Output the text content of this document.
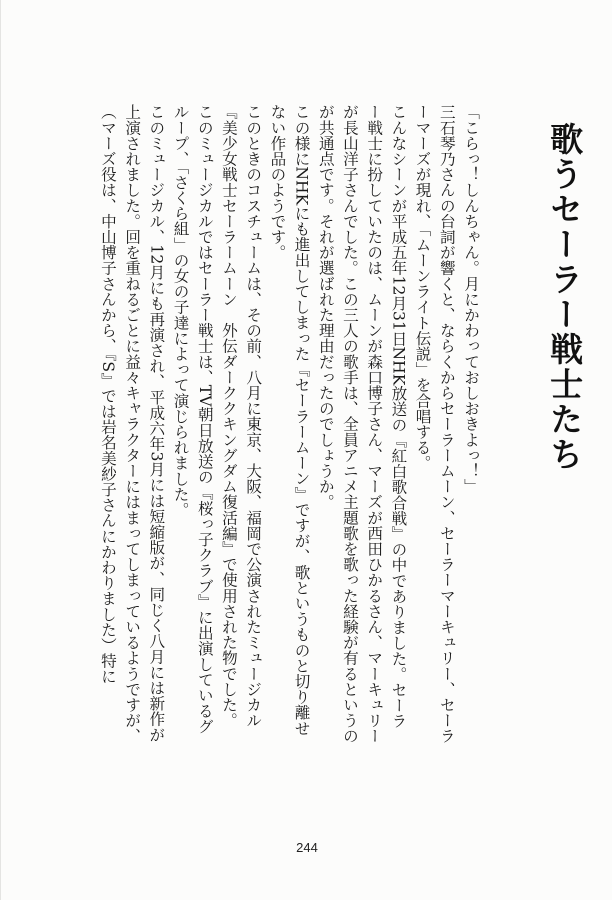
歌うセーラー戦士たち

「こらっ！しんちゃん。月にかわっておしおきよっ！」

三石琴乃さんの台詞が響くと、ならくからセーラームーン、セーラーマーキュリー、セーラーマーズが現れ、「ムーンライト伝説」を合唱する。

こんなシーンが平成五年12月31日NHK放送の『紅白歌合戦』の中でありました。セーラー戦士に扮していたのは、ムーンが森口博子さん、マーズが西田ひかるさん、マーキュリーが長山洋子さんでした。この三人の歌手は、全員アニメ主題歌を歌った経験が有るというのが共通点です。それが選ばれた理由だったのでしょうか。

この様にNHKにも進出してしまった『セーラームーン』ですが、歌というものと切り離せない作品のようです。

このときのコスチュームは、その前、八月に東京、大阪、福岡で公演されたミュージカル『美少女戦士セーラームーン　外伝ダーククキングダム復活編』で使用された物でした。

このミュージカルではセーラー戦士は、TV朝日放送の『桜っ子クラブ』に出演しているグループ、「さくら組」の女の子達によって演じられました。

このミュージカル、12月にも再演され、平成六年3月には短縮版が、同じく八月には新作が上演されました。回を重ねるごとに益々キャラクターにはまってしまっているようですが、（マーズ役は、中山博子さんから、『S』では岩名美紗子さんにかわりました）特に

244
